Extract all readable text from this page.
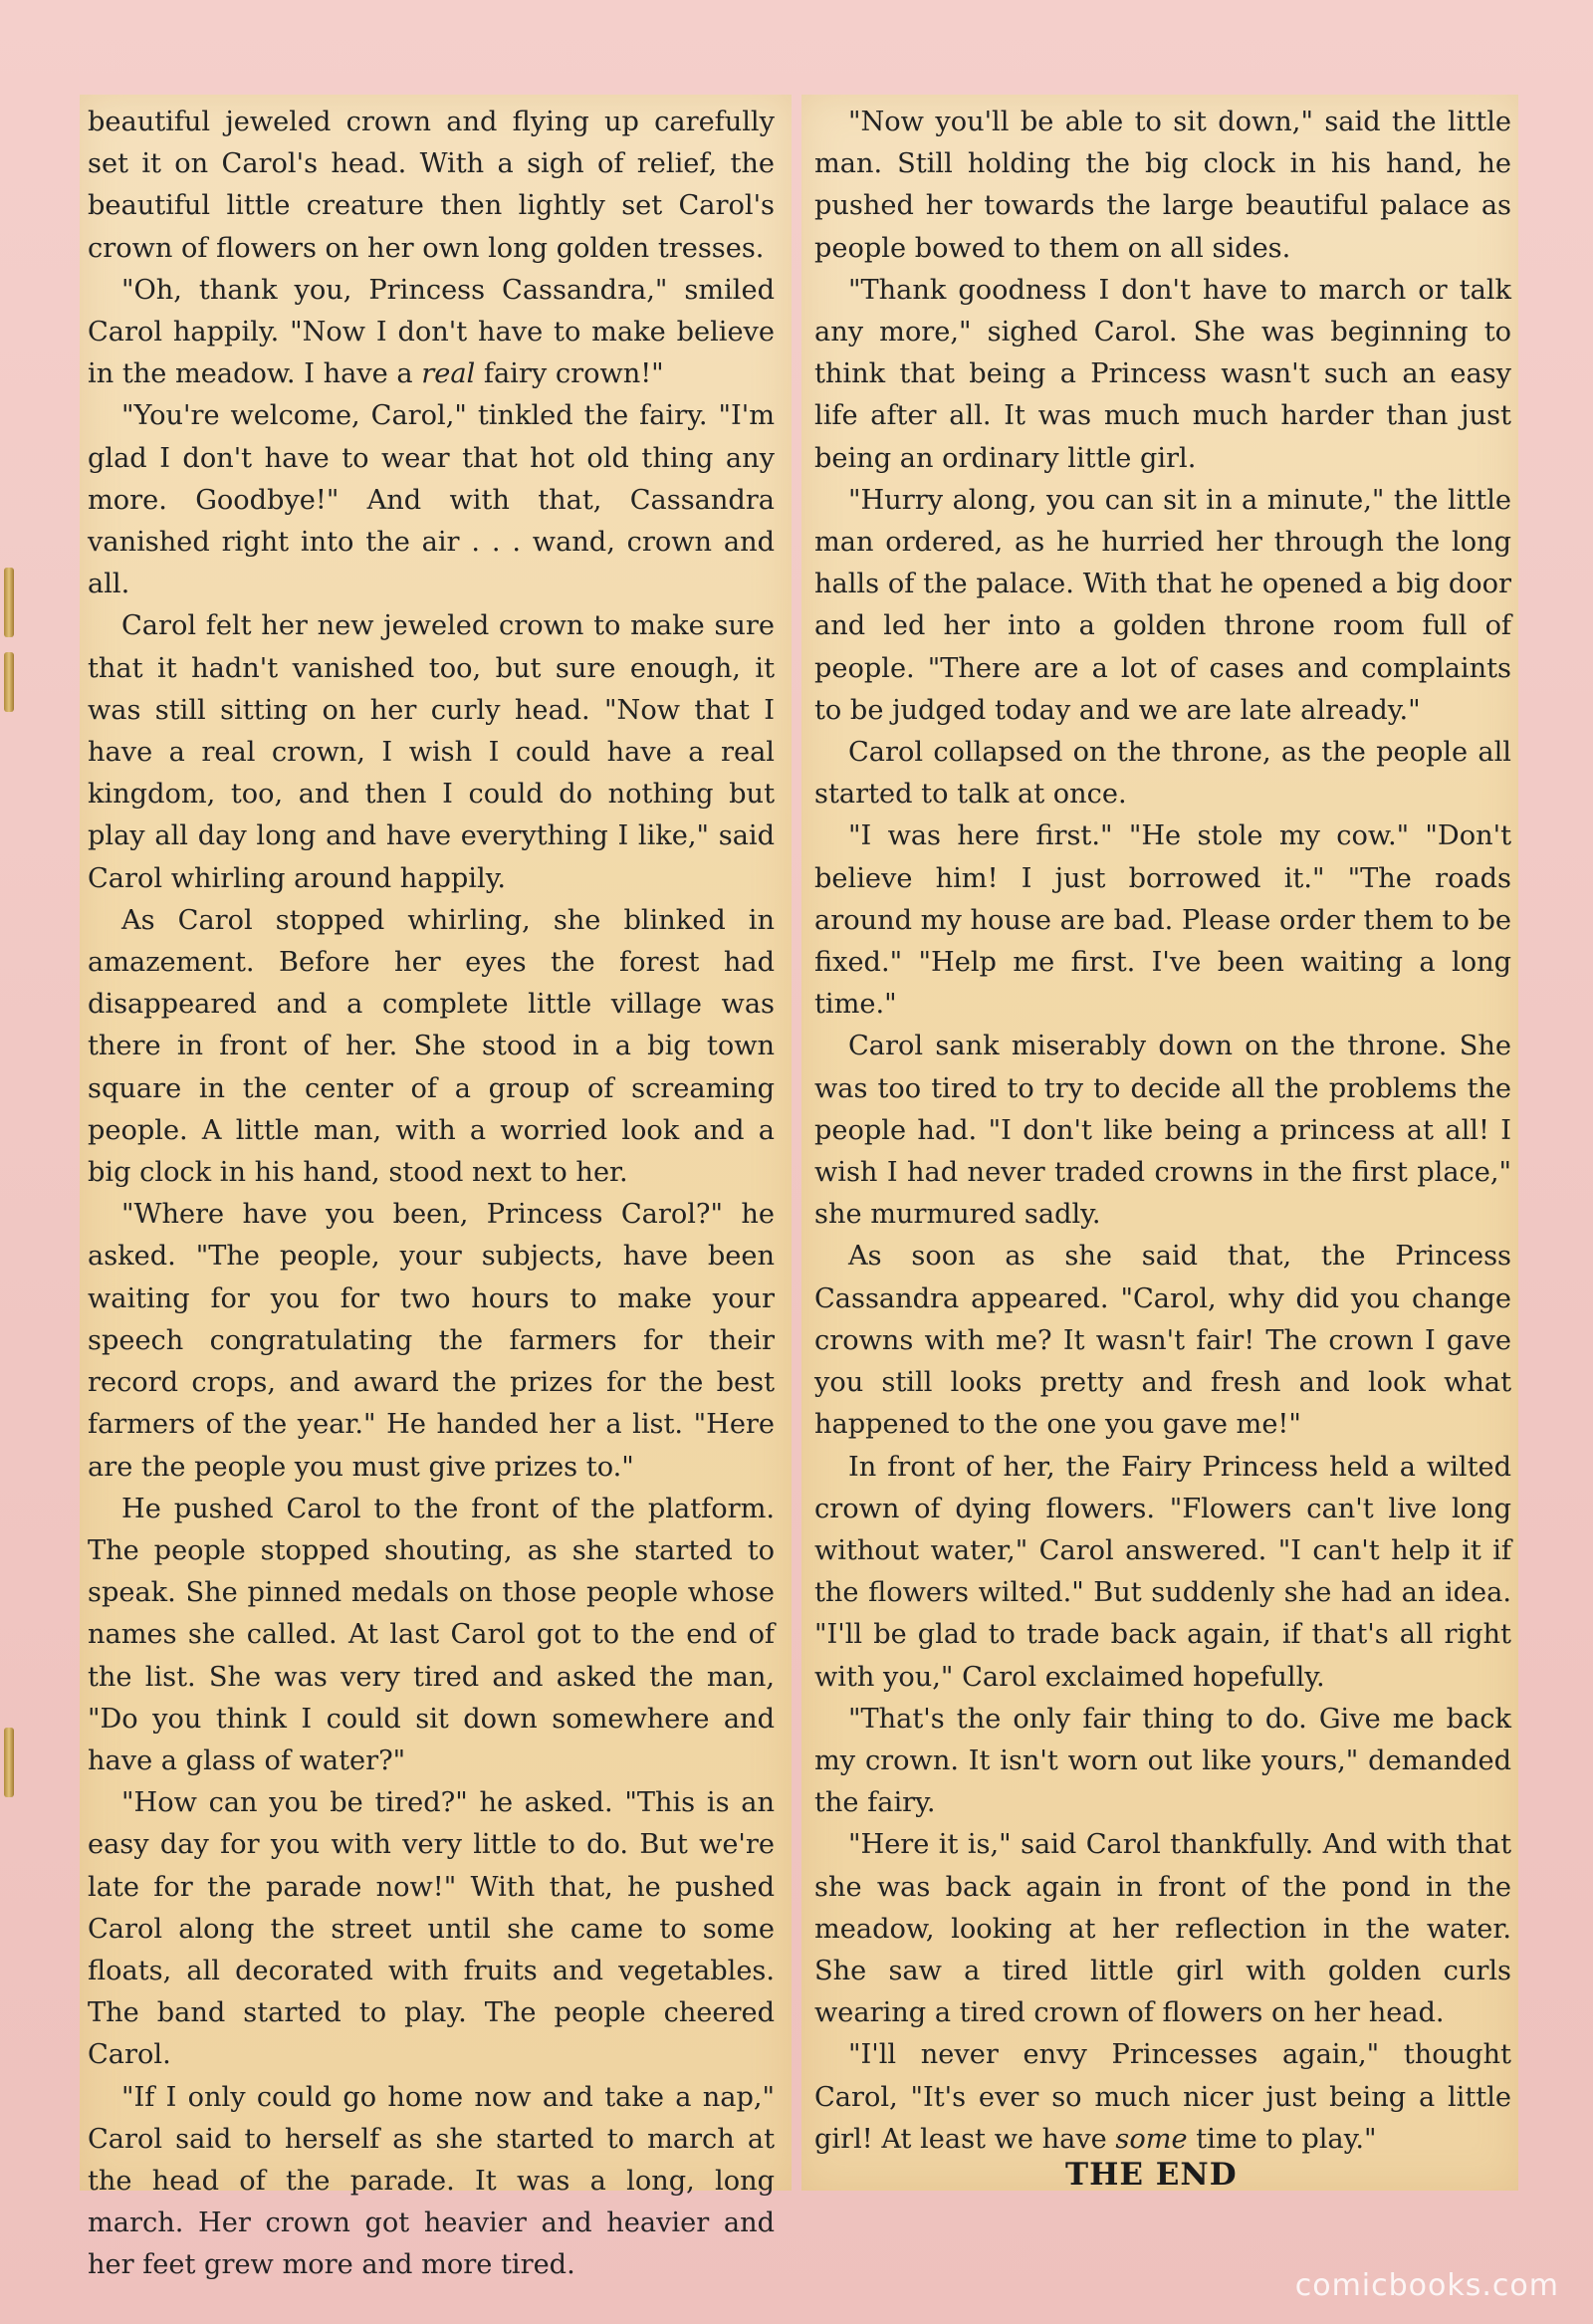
beautiful jeweled crown and flying up carefully set it on Carol's head. With a sigh of relief, the beautiful little creature then lightly set Carol's crown of flowers on her own long golden tresses.

"Oh, thank you, Princess Cassandra," smiled Carol happily. "Now I don't have to make believe in the meadow. I have a real fairy crown!"

"You're welcome, Carol," tinkled the fairy. "I'm glad I don't have to wear that hot old thing any more. Goodbye!" And with that, Cassandra vanished right into the air . . . wand, crown and all.

Carol felt her new jeweled crown to make sure that it hadn't vanished too, but sure enough, it was still sitting on her curly head. "Now that I have a real crown, I wish I could have a real kingdom, too, and then I could do nothing but play all day long and have everything I like," said Carol whirling around happily.

As Carol stopped whirling, she blinked in amazement. Before her eyes the forest had disappeared and a complete little village was there in front of her. She stood in a big town square in the center of a group of screaming people. A little man, with a worried look and a big clock in his hand, stood next to her.

"Where have you been, Princess Carol?" he asked. "The people, your subjects, have been waiting for you for two hours to make your speech congratulating the farmers for their record crops, and award the prizes for the best farmers of the year." He handed her a list. "Here are the people you must give prizes to."

He pushed Carol to the front of the platform. The people stopped shouting, as she started to speak. She pinned medals on those people whose names she called. At last Carol got to the end of the list. She was very tired and asked the man, "Do you think I could sit down somewhere and have a glass of water?"

"How can you be tired?" he asked. "This is an easy day for you with very little to do. But we're late for the parade now!" With that, he pushed Carol along the street until she came to some floats, all decorated with fruits and vegetables. The band started to play. The people cheered Carol.

"If I only could go home now and take a nap," Carol said to herself as she started to march at the head of the parade. It was a long, long march. Her crown got heavier and heavier and her feet grew more and more tired.

"Now you'll be able to sit down," said the little man. Still holding the big clock in his hand, he pushed her towards the large beautiful palace as people bowed to them on all sides.

"Thank goodness I don't have to march or talk any more," sighed Carol. She was beginning to think that being a Princess wasn't such an easy life after all. It was much much harder than just being an ordinary little girl.

"Hurry along, you can sit in a minute," the little man ordered, as he hurried her through the long halls of the palace. With that he opened a big door and led her into a golden throne room full of people. "There are a lot of cases and complaints to be judged today and we are late already."

Carol collapsed on the throne, as the people all started to talk at once.

"I was here first." "He stole my cow." "Don't believe him! I just borrowed it." "The roads around my house are bad. Please order them to be fixed." "Help me first. I've been waiting a long time."

Carol sank miserably down on the throne. She was too tired to try to decide all the problems the people had. "I don't like being a princess at all! I wish I had never traded crowns in the first place," she murmured sadly.

As soon as she said that, the Princess Cassandra appeared. "Carol, why did you change crowns with me? It wasn't fair! The crown I gave you still looks pretty and fresh and look what happened to the one you gave me!"

In front of her, the Fairy Princess held a wilted crown of dying flowers. "Flowers can't live long without water," Carol answered. "I can't help it if the flowers wilted." But suddenly she had an idea. "I'll be glad to trade back again, if that's all right with you," Carol exclaimed hopefully.

"That's the only fair thing to do. Give me back my crown. It isn't worn out like yours," demanded the fairy.

"Here it is," said Carol thankfully. And with that she was back again in front of the pond in the meadow, looking at her reflection in the water. She saw a tired little girl with golden curls wearing a tired crown of flowers on her head.

"I'll never envy Princesses again," thought Carol, "It's ever so much nicer just being a little girl! At least we have some time to play."

THE END
comicbooks.com
